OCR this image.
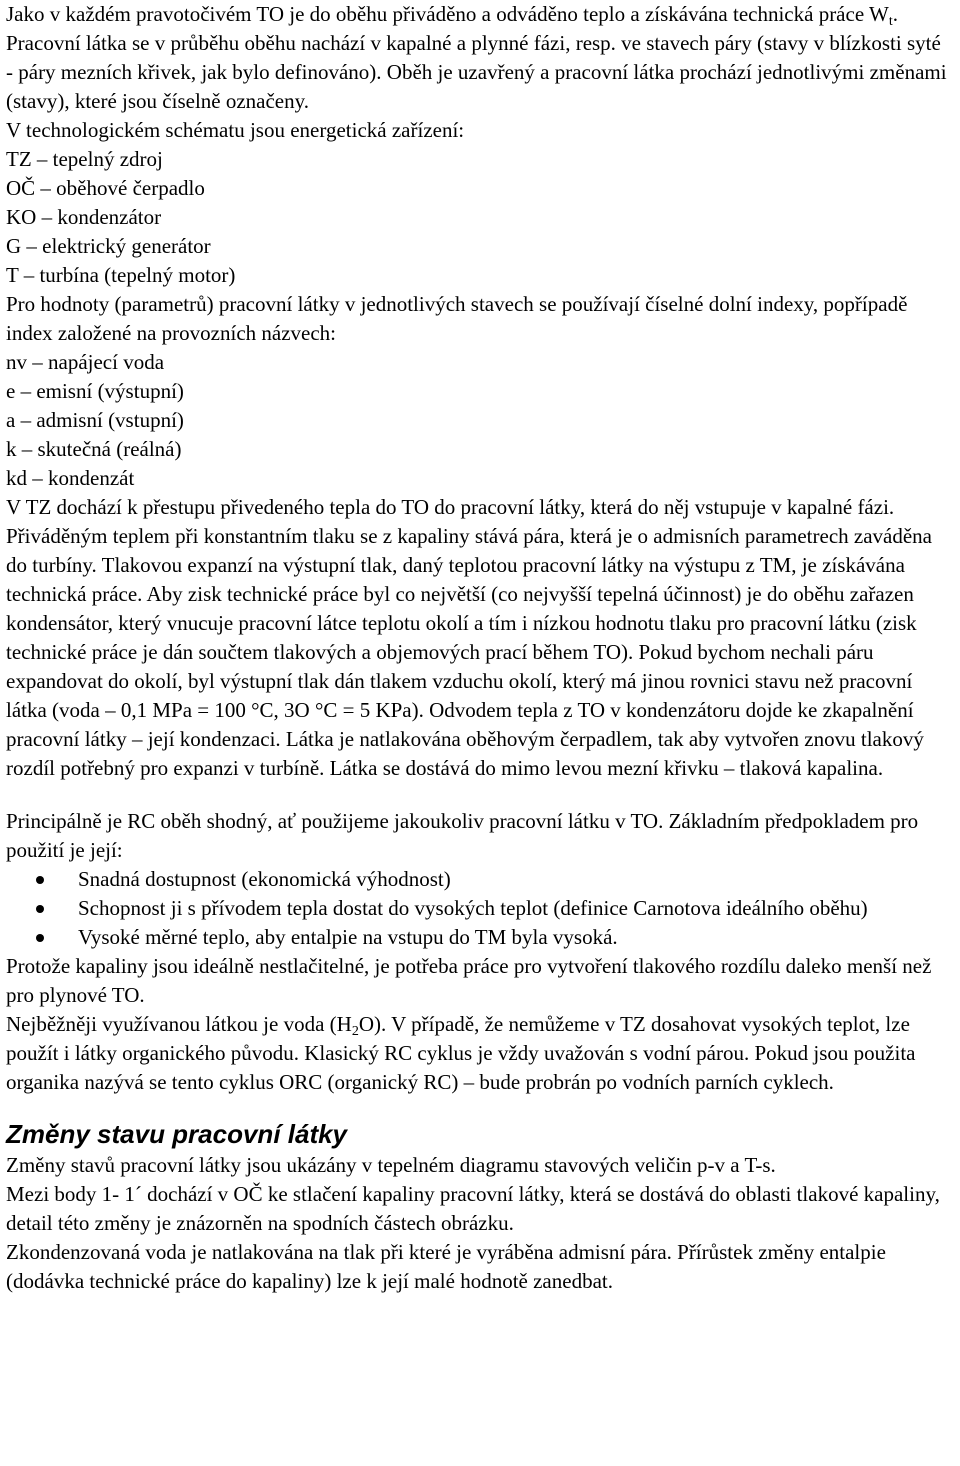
Jako v každém pravotočivém TO je do oběhu přiváděno a odváděno teplo a získávána technická práce $W_t$. Pracovní látka se v průběhu oběhu nachází v kapalné a plynné fázi, resp. ve stavech páry (stavy v blízkosti syté - páry mezních křivek, jak bylo definováno). Oběh je uzavřený a pracovní látka prochází jednotlivými změnami (stavy), které jsou číselně označeny.

V technologickém schématu jsou energetická zařízení:

TZ – tepelný zdroj

OČ – oběhové čerpadlo

KO – kondenzátor

G – elektrický generátor

T – turbína (tepelný motor)

Pro hodnoty (parametrů) pracovní látky v jednotlivých stavech se používají číselné dolní indexy, popřípadě index založené na provozních názvech:

nv – napájecí voda

e – emisní (výstupní)

a – admisní (vstupní)

k – skutečná (reálná)

kd – kondenzát

V TZ dochází k přestupu přivedeného tepla do TO do pracovní látky, která do něj vstupuje v kapalné fázi. Přiváděným teplem při konstantním tlaku se z kapaliny stává pára, která je o admisních parametrech zaváděna do turbíny. Tlakovou expanzí na výstupní tlak, daný teplotou pracovní látky na výstupu z TM, je získávána technická práce. Aby zisk technické práce byl co největší (co nejvyšší tepelná účinnost) je do oběhu zařazen kondensátor, který vnucuje pracovní látce teplotu okolí a tím i nízkou hodnotu tlaku pro pracovní látku (zisk technické práce je dán součtem tlakových a objemových prací během TO). Pokud bychom nechali páru expandovat do okolí, byl výstupní tlak dán tlakem vzduchu okolí, který má jinou rovnici stavu než pracovní látka (voda – 0,1 MPa = 100 °C, 3O °C = 5 KPa). Odvodem tepla z TO v kondenzátoru dojde ke zkapalnění pracovní látky – její kondenzaci. Látka je natlakována oběhovým čerpadlem, tak aby vytvořen znovu tlakový rozdíl potřebný pro expanzi v turbíně. Látka se dostává do mimo levou mezní křivku – tlaková kapalina.

Principálně je RC oběh shodný, ať použijeme jakoukoliv pracovní látku v TO. Základním předpokladem pro použití je její:

Snadná dostupnost (ekonomická výhodnost)
Schopnost ji s přívodem tepla dostat do vysokých teplot (definice Carnotova ideálního oběhu)
Vysoké měrné teplo, aby entalpie na vstupu do TM byla vysoká.

Protože kapaliny jsou ideálně nestlačitelné, je potřeba práce pro vytvoření tlakového rozdílu daleko menší než pro plynové TO.

Nejběžněji využívanou látkou je voda $(H_2O)$. V případě, že nemůžeme v TZ dosahovat vysokých teplot, lze použít i látky organického původu. Klasický RC cyklus je vždy uvažován s vodní párou. Pokud jsou použita organika nazývá se tento cyklus ORC (organický RC) – bude probrán po vodních parních cyklech.

Změny stavu pracovní látky

Změny stavů pracovní látky jsou ukázány v tepelném diagramu stavových veličin p-v a T-s.

Mezi body 1- 1´ dochází v OČ ke stlačení kapaliny pracovní látky, která se dostává do oblasti tlakové kapaliny, detail této změny je znázorněn na spodních částech obrázku.

Zkondenzovaná voda je natlakována na tlak při které je vyráběna admisní pára. Přírůstek změny entalpie (dodávka technické práce do kapaliny) lze k její malé hodnotě zanedbat.
